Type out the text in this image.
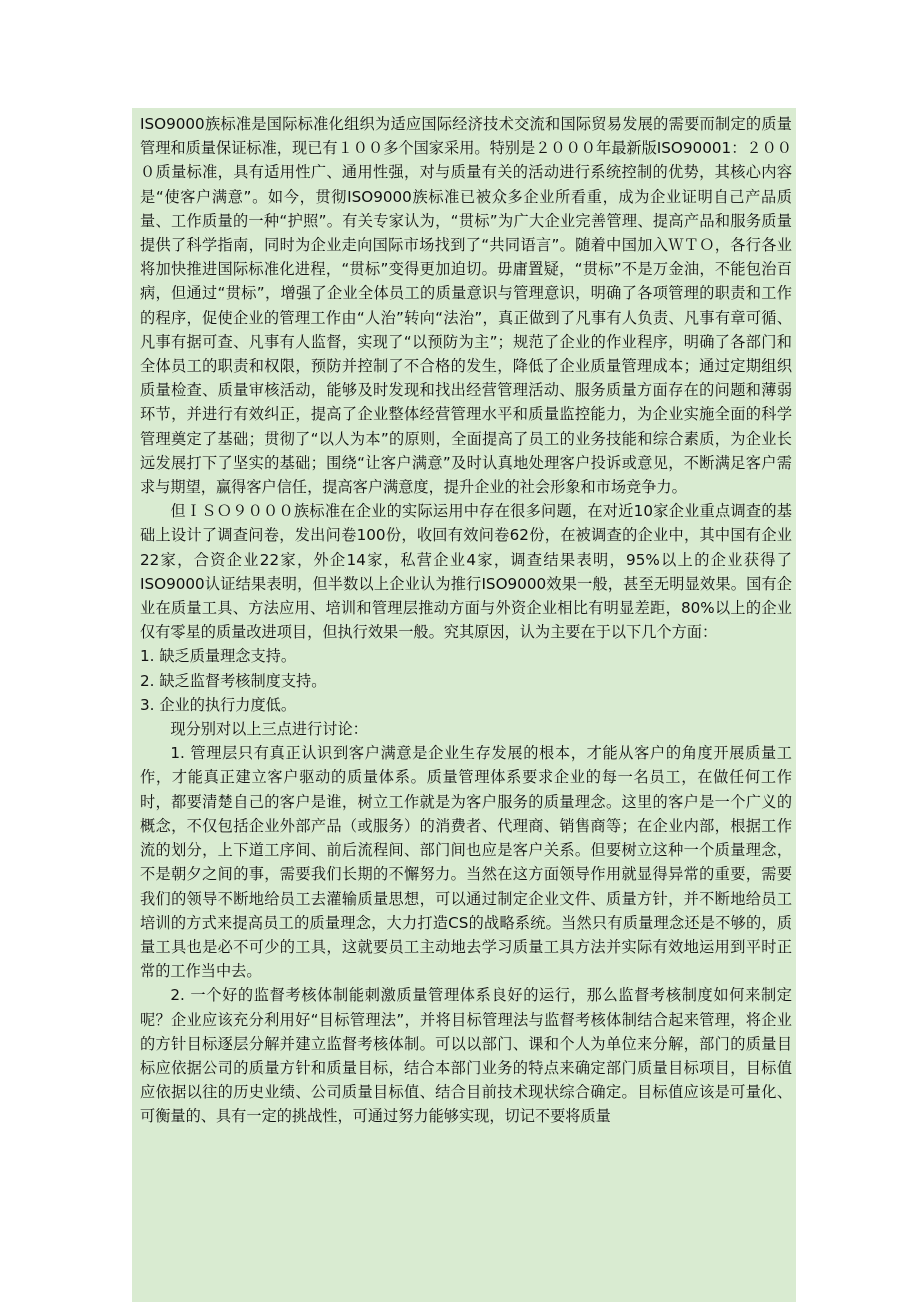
ISO9000族标准是国际标准化组织为适应国际经济技术交流和国际贸易发展的需要而制定的质量管理和质量保证标准，现已有１００多个国家采用。特别是２０００年最新版ISO90001：２０００质量标准，具有适用性广、通用性强，对与质量有关的活动进行系统控制的优势，其核心内容是“使客户满意”。如今，贯彻ISO9000族标准已被众多企业所看重，成为企业证明自己产品质量、工作质量的一种“护照”。有关专家认为，“贯标”为广大企业完善管理、提高产品和服务质量提供了科学指南，同时为企业走向国际市场找到了“共同语言”。随着中国加入ＷＴＯ，各行各业将加快推进国际标准化进程，“贯标”变得更加迫切。毋庸置疑，“贯标”不是万金油，不能包治百病，但通过“贯标”，增强了企业全体员工的质量意识与管理意识，明确了各项管理的职责和工作的程序，促使企业的管理工作由“人治”转向“法治”，真正做到了凡事有人负责、凡事有章可循、凡事有据可查、凡事有人监督，实现了“以预防为主”；规范了企业的作业程序，明确了各部门和全体员工的职责和权限，预防并控制了不合格的发生，降低了企业质量管理成本；通过定期组织质量检查、质量审核活动，能够及时发现和找出经营管理活动、服务质量方面存在的问题和薄弱环节，并进行有效纠正，提高了企业整体经营管理水平和质量监控能力，为企业实施全面的科学管理奠定了基础；贯彻了“以人为本”的原则，全面提高了员工的业务技能和综合素质，为企业长远发展打下了坚实的基础；围绕“让客户满意”及时认真地处理客户投诉或意见，不断满足客户需求与期望，赢得客户信任，提高客户满意度，提升企业的社会形象和市场竞争力。

但ＩＳＯ９０００族标准在企业的实际运用中存在很多问题，在对近10家企业重点调查的基础上设计了调查问卷，发出问卷100份，收回有效问卷62份，在被调查的企业中，其中国有企业22家，合资企业22家，外企14家，私营企业4家，调查结果表明，95%以上的企业获得了ISO9000认证结果表明，但半数以上企业认为推行ISO9000效果一般，甚至无明显效果。国有企业在质量工具、方法应用、培训和管理层推动方面与外资企业相比有明显差距，80%以上的企业仅有零星的质量改进项目，但执行效果一般。究其原因，认为主要在于以下几个方面：

1. 缺乏质量理念支持。

2. 缺乏监督考核制度支持。

3. 企业的执行力度低。

现分别对以上三点进行讨论：

1. 管理层只有真正认识到客户满意是企业生存发展的根本，才能从客户的角度开展质量工作，才能真正建立客户驱动的质量体系。质量管理体系要求企业的每一名员工，在做任何工作时，都要清楚自己的客户是谁，树立工作就是为客户服务的质量理念。这里的客户是一个广义的概念，不仅包括企业外部产品（或服务）的消费者、代理商、销售商等；在企业内部，根据工作流的划分，上下道工序间、前后流程间、部门间也应是客户关系。但要树立这种一个质量理念，不是朝夕之间的事，需要我们长期的不懈努力。当然在这方面领导作用就显得异常的重要，需要我们的领导不断地给员工去灌输质量思想，可以通过制定企业文件、质量方针，并不断地给员工培训的方式来提高员工的质量理念，大力打造CS的战略系统。当然只有质量理念还是不够的，质量工具也是必不可少的工具，这就要员工主动地去学习质量工具方法并实际有效地运用到平时正常的工作当中去。

2. 一个好的监督考核体制能刺激质量管理体系良好的运行，那么监督考核制度如何来制定呢？企业应该充分利用好“目标管理法”，并将目标管理法与监督考核体制结合起来管理，将企业的方针目标逐层分解并建立监督考核体制。可以以部门、课和个人为单位来分解，部门的质量目标应依据公司的质量方针和质量目标，结合本部门业务的特点来确定部门质量目标项目，目标值应依据以往的历史业绩、公司质量目标值、结合目前技术现状综合确定。目标值应该是可量化、可衡量的、具有一定的挑战性，可通过努力能够实现，切记不要将质量
